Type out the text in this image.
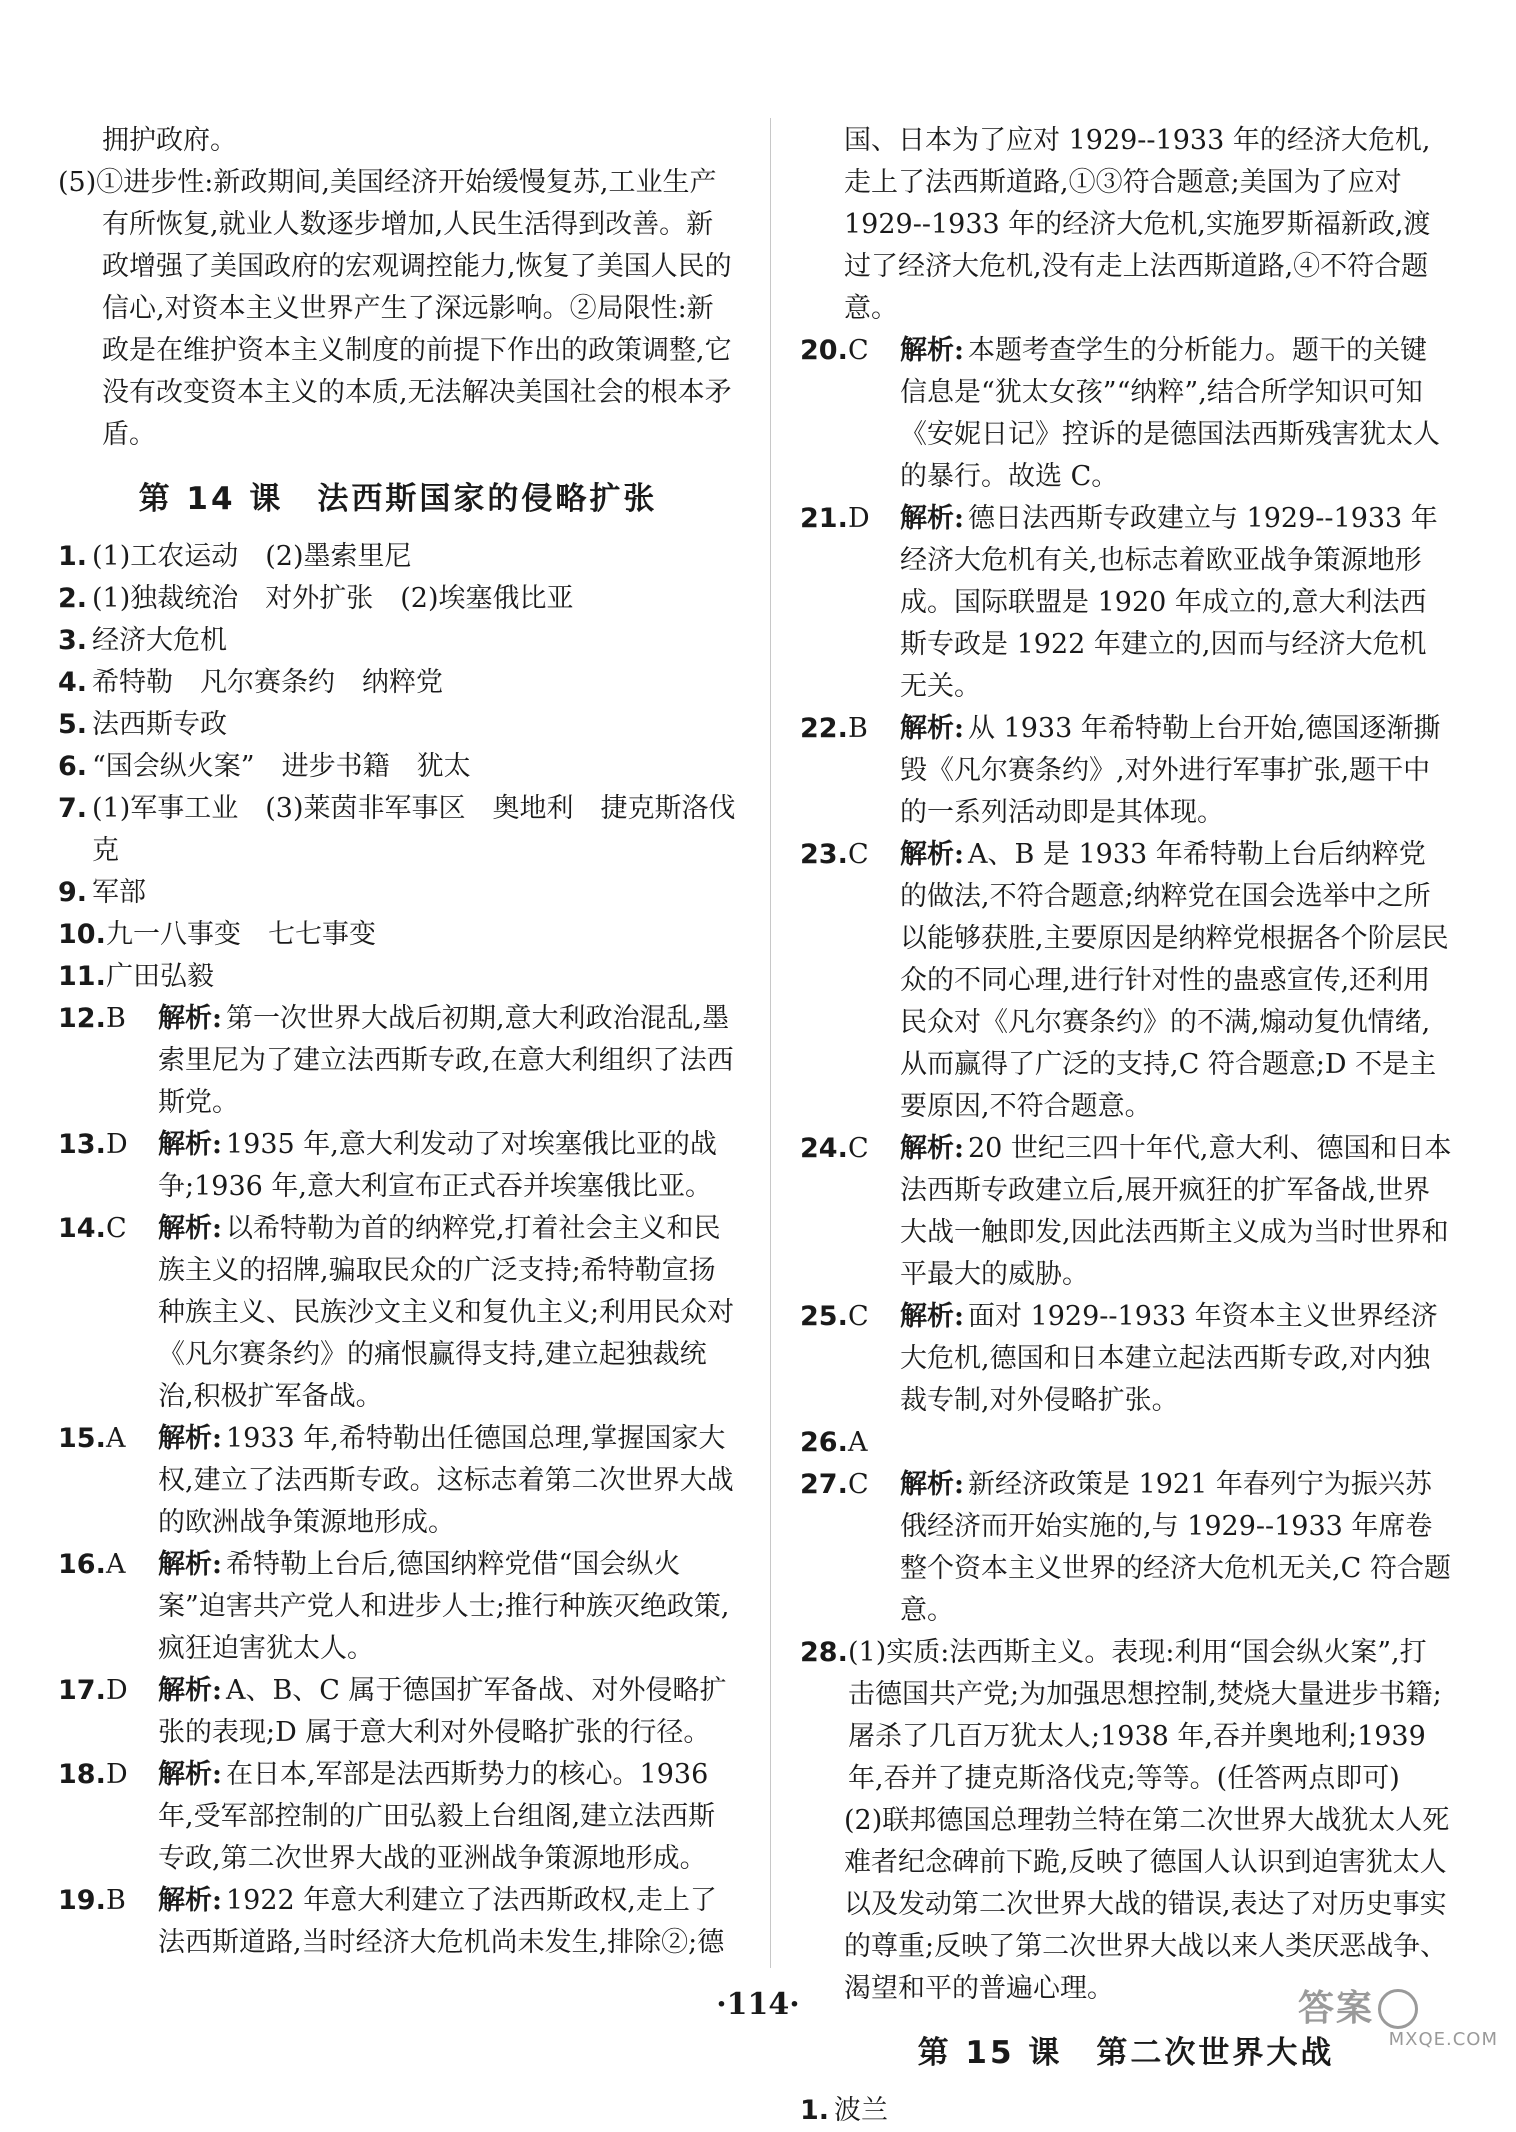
拥护政府。

(5)①进步性:新政期间,美国经济开始缓慢复苏,工业生产有所恢复,就业人数逐步增加,人民生活得到改善。新政增强了美国政府的宏观调控能力,恢复了美国人民的信心,对资本主义世界产生了深远影响。②局限性:新政是在维护资本主义制度的前提下作出的政策调整,它没有改变资本主义的本质,无法解决美国社会的根本矛盾。

第 14 课　法西斯国家的侵略扩张
1. (1)工农运动　(2)墨索里尼
2. (1)独裁统治　对外扩张　(2)埃塞俄比亚
3. 经济大危机
4. 希特勒　凡尔赛条约　纳粹党
5. 法西斯专政
6. “国会纵火案”　进步书籍　犹太
7. (1)军事工业　(3)莱茵非军事区　奥地利　捷克斯洛伐克
9. 军部
10. 九一八事变　七七事变
11. 广田弘毅
12. B	解析: 第一次世界大战后初期,意大利政治混乱,墨索里尼为了建立法西斯专政,在意大利组织了法西斯党。
13. D	解析: 1935 年,意大利发动了对埃塞俄比亚的战争;1936 年,意大利宣布正式吞并埃塞俄比亚。
14. C	解析: 以希特勒为首的纳粹党,打着社会主义和民族主义的招牌,骗取民众的广泛支持;希特勒宣扬种族主义、民族沙文主义和复仇主义;利用民众对《凡尔赛条约》的痛恨赢得支持,建立起独裁统治,积极扩军备战。
15. A	解析: 1933 年,希特勒出任德国总理,掌握国家大权,建立了法西斯专政。这标志着第二次世界大战的欧洲战争策源地形成。
16. A	解析: 希特勒上台后,德国纳粹党借“国会纵火案”迫害共产党人和进步人士;推行种族灭绝政策,疯狂迫害犹太人。
17. D	解析: A、B、C 属于德国扩军备战、对外侵略扩张的表现;D 属于意大利对外侵略扩张的行径。
18. D	解析: 在日本,军部是法西斯势力的核心。1936 年,受军部控制的广田弘毅上台组阁,建立法西斯专政,第二次世界大战的亚洲战争策源地形成。
19. B	解析: 1922 年意大利建立了法西斯政权,走上了法西斯道路,当时经济大危机尚未发生,排除②;德

国、日本为了应对 1929--1933 年的经济大危机,走上了法西斯道路,①③符合题意;美国为了应对 1929--1933 年的经济大危机,实施罗斯福新政,渡过了经济大危机,没有走上法西斯道路,④不符合题意。

20. C	解析: 本题考查学生的分析能力。题干的关键信息是“犹太女孩”“纳粹”,结合所学知识可知《安妮日记》控诉的是德国法西斯残害犹太人的暴行。故选 C。
21. D	解析: 德日法西斯专政建立与 1929--1933 年经济大危机有关,也标志着欧亚战争策源地形成。国际联盟是 1920 年成立的,意大利法西斯专政是 1922 年建立的,因而与经济大危机无关。
22. B	解析: 从 1933 年希特勒上台开始,德国逐渐撕毁《凡尔赛条约》,对外进行军事扩张,题干中的一系列活动即是其体现。
23. C	解析: A、B 是 1933 年希特勒上台后纳粹党的做法,不符合题意;纳粹党在国会选举中之所以能够获胜,主要原因是纳粹党根据各个阶层民众的不同心理,进行针对性的蛊惑宣传,还利用民众对《凡尔赛条约》的不满,煽动复仇情绪,从而赢得了广泛的支持,C 符合题意;D 不是主要原因,不符合题意。
24. C	解析: 20 世纪三四十年代,意大利、德国和日本法西斯专政建立后,展开疯狂的扩军备战,世界大战一触即发,因此法西斯主义成为当时世界和平最大的威胁。
25. C	解析: 面对 1929--1933 年资本主义世界经济大危机,德国和日本建立起法西斯专政,对内独裁专制,对外侵略扩张。
26. A
27. C	解析: 新经济政策是 1921 年春列宁为振兴苏俄经济而开始实施的,与 1929--1933 年席卷整个资本主义世界的经济大危机无关,C 符合题意。
28. (1)实质:法西斯主义。表现:利用“国会纵火案”,打击德国共产党;为加强思想控制,焚烧大量进步书籍;屠杀了几百万犹太人;1938 年,吞并奥地利;1939 年,吞并了捷克斯洛伐克;等等。(任答两点即可)

(2)联邦德国总理勃兰特在第二次世界大战犹太人死难者纪念碑前下跪,反映了德国人认识到迫害犹太人以及发动第二次世界大战的错误,表达了对历史事实的尊重;反映了第二次世界大战以来人类厌恶战争、渴望和平的普遍心理。

第 15 课　第二次世界大战
1. 波兰
·114·	答案
MXQE.COM
